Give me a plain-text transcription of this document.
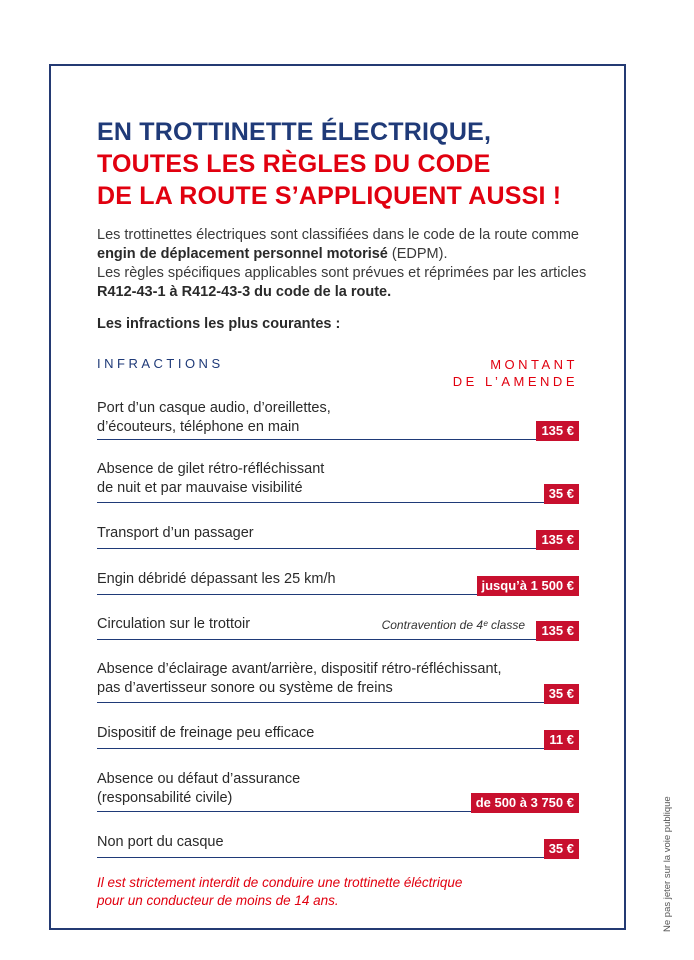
EN TROTTINETTE ÉLECTRIQUE,
TOUTES LES RÈGLES DU CODE
DE LA ROUTE S’APPLIQUENT AUSSI !
Les trottinettes électriques sont classifiées dans le code de la route comme engin de déplacement personnel motorisé (EDPM).
Les règles spécifiques applicables sont prévues et réprimées par les articles R412-43-1 à R412-43-3 du code de la route.
Les infractions les plus courantes :
INFRACTIONS	MONTANT
DE L’AMENDE
Port d’un casque audio, d’oreillettes,
d’écouteurs, téléphone en main	135 €
Absence de gilet rétro-réfléchissant
de nuit et par mauvaise visibilité	35 €
Transport d’un passager	135 €
Engin débridé dépassant les 25 km/h	jusqu’à 1 500 €
Circulation sur le trottoir	Contravention de 4ᵉ classe	135 €
Absence d’éclairage avant/arrière, dispositif rétro-réfléchissant,
pas d’avertisseur sonore ou système de freins	35 €
Dispositif de freinage peu efficace	11 €
Absence ou défaut d’assurance
(responsabilité civile)	de 500 à 3 750 €
Non port du casque	35 €
Il est strictement interdit de conduire une trottinette éléctrique
pour un conducteur de moins de 14 ans.	Ne pas jeter sur la voie publique
